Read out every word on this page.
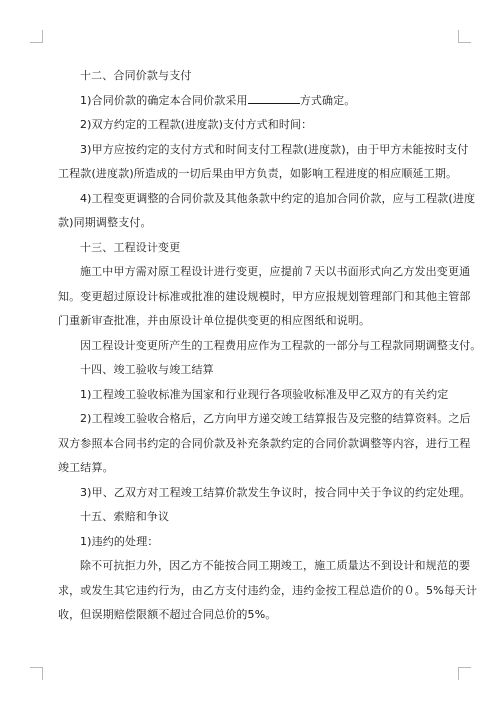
十二、合同价款与支付
1)合同价款的确定本合同价款采用	方式确定。
2)双方约定的工程款(进度款)支付方式和时间：
3)甲方应按约定的支付方式和时间支付工程款(进度款)，由于甲方未能按时支付
工程款(进度款)所造成的一切后果由甲方负责，如影响工程进度的相应顺延工期。
4)工程变更调整的合同价款及其他条款中约定的追加合同价款，应与工程款(进度
款)同期调整支付。
十三、工程设计变更
施工中甲方需对原工程设计进行变更，应提前７天以书面形式向乙方发出变更通
知。变更超过原设计标准或批准的建设规模时，甲方应报规划管理部门和其他主管部
门重新审查批准，并由原设计单位提供变更的相应图纸和说明。
因工程设计变更所产生的工程费用应作为工程款的一部分与工程款同期调整支付。
十四、竣工验收与竣工结算
1)工程竣工验收标准为国家和行业现行各项验收标准及甲乙双方的有关约定
2)工程竣工验收合格后，乙方向甲方递交竣工结算报告及完整的结算资料。之后
双方参照本合同书约定的合同价款及补充条款约定的合同价款调整等内容，进行工程
竣工结算。
3)甲、乙双方对工程竣工结算价款发生争议时，按合同中关于争议的约定处理。
十五、索赔和争议
1)违约的处理：
除不可抗拒力外，因乙方不能按合同工期竣工，施工质量达不到设计和规范的要
求，或发生其它违约行为，由乙方支付违约金，违约金按工程总造价的０。5%每天计
收，但误期赔偿限额不超过合同总价的5%。
